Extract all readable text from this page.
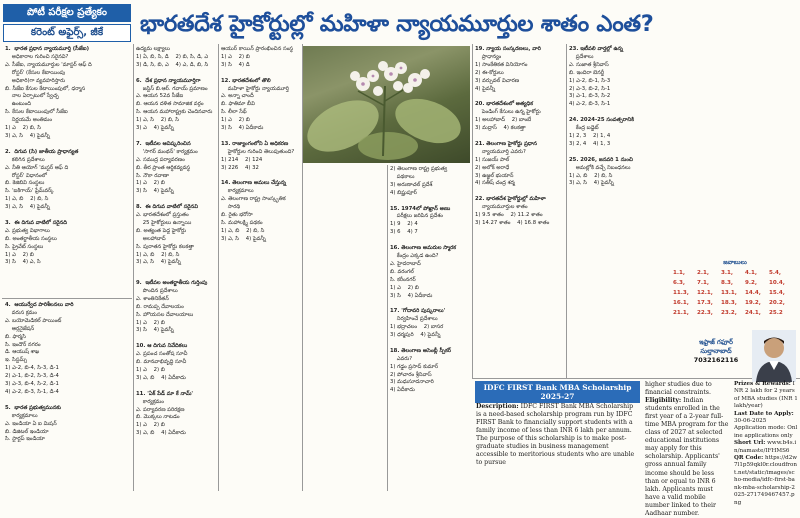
పోటీ పరీక్షల ప్రత్యేకం
కరెంట్ అఫైర్స్, జీకే	భారతదేశ హైకోర్టుల్లో మహిళా న్యాయమూర్తుల శాతం ఎంత?

1.  భారత ప్రధాన న్యాయమూర్తి (సీజే‌ఐ)

అధికారాల గురించి సరైనవి?

ఎ. సీజేఐ, న్యాయమూర్తుల 'మాస్టర్ ఆఫ్ ది

రోస్టర్' (కేసుల కేటాయింపు

అధికారి)గా వ్యవహరిస్తారు

బి. సీజేఐ కేసుల కేటాయింపులో, ధర్మాస

నాల ఏర్పాటులో స్వేచ్ఛ

ఉంటుంది

సి. కేసుల కేటాయింపులో సీజేఐ

నిర్ణయమే అంతిమం

1) ఎ    2) బి, సి

3) ఎ, సి    4) పైవన్నీ

2.  దిగువ (సి) జాతీయ ప్రాధాన్యత

కలిగిన ప్రదేశాలు

ఎ. నీతి ఆయోగ్ 'మస్టర్ ఆఫ్ ది

రోస్టర్' విధానంలో

బి. కెజిబివి సంస్థలు

సి. 'ఐకిగాయ్' ఫ్రేమ్‌వర్క్

1) ఎ, బి    2) బి, సి

3) ఎ, సి    4) పైవన్నీ

3.  ఈ దిగువ వాటిలో సరైనది

ఎ. ప్రభుత్వ విభాగాలు

బి. అంతర్జాతీయ సంస్థలు

సి. ప్రైవేట్ సంస్థలు

1) ఎ    2) బి

3) సి    4) ఎ, సి

4.  ఆయుర్వేద పారిశీలనలు వారి

వరుస క్రమం

ఎ. బయోమెడికల్ పాయింట్

ఆర్గనైజేషన్

బి. ఫార్మసి

సి. ఇందౌర్ నగరం

డి. ఆయుష్ శాఖ

ఇ. సిస్టమ్స్

1) ఎ-2, బి-4, సి-3, డి-1

2) ఎ-1, బి-2, సి-3, డి-4

3) ఎ-3, బి-4, సి-2, డి-1

4) ఎ-2, బి-3, సి-1, డి-4

5.  భారత ప్రభుత్వమునకు

కార్యక్రమాలు

ఎ. ఇండియా ఏ ఐ మిషన్

బి. డిజిటల్ ఇండియా

సి. స్టార్టప్ ఇండియా

ఉద్యమ లక్ష్యాలు

1) ఏ, బి, సి, డి    2) బి, సి, డి, ఎ

3) డి, సి, బి, ఎ    4) ఎ, డి, బి, సి

6.  దేశ ప్రధాన న్యాయమూర్తిగా

జస్టిస్ బి.ఆర్. గవాయ్ ప్రమాణం

ఎ. ఆయన 52వ సీజేఐ

బి. ఆయన దళిత సామాజిక వర్గం

సి. ఆయన మహారాష్ట్రకు చెందినవారు

1) ఎ, సి    2) బి, సి

3) ఎ    4) పైవన్నీ

7.  ఇటీవల ఆవిష్కరించిన

'సాగర్ మంథన్' కార్యక్రమం

ఎ. సముద్ర పర్యావరణం

బి. తీర ప్రాంత ఆర్థికవ్యవస్థ

సి. నౌకా రవాణా

1) ఎ    2) బి

3) సి    4) పైవన్నీ

8.  ఈ దిగువ వాటిలో సరైనవి

ఎ. భారతదేశంలో ప్రస్తుతం

25 హైకోర్టులు ఉన్నాయి

బి. అత్యంత పెద్ద హైకోర్టు

అలహాబాద్

సి. పురాతన హైకోర్టు కలకత్తా

1) ఎ, బి    2) బి, సి

3) ఎ, సి    4) పైవన్నీ

9.  ఇటీవల అంతర్జాతీయ గుర్తింపు

పొందిన ప్రదేశాలు

ఎ. శాంతినికేతన్

బి. రామప్ప దేవాలయం

సి. హొయసల దేవాలయాలు

1) ఎ    2) బి

3) సి    4) పైవన్నీ

10. ఆ దిగువ నివేదికలు

ఎ. ప్రపంచ సంతోష సూచీ

బి. మానవాభివృద్ధి సూచీ

1) ఎ    2) బి

3) ఎ, బి    4) ఏదీకాదు

11. 'ఏక్ పేడ్ మా కే నామ్'

కార్యక్రమం

ఎ. పర్యావరణ పరిరక్షణ

బి. మొక్కలు నాటడం

1) ఎ    2) బి

3) ఎ, బి    4) ఏదీకాదు

ఆయుర్ కాయిన్ ప్రారంభించిన సంస్థ

1) ఎ    2) బి

3) సి    4) డి

12. భారతదేశంలో తొలి

మహిళా హైకోర్టు న్యాయమూర్తి

ఎ. అన్నా చాందీ

బి. ఫాతిమా బీవి

సి. లీలా సేథ్

1) ఎ    2) బి

3) సి    4) ఏదీకాదు

13. రాజ్యాంగంలోని ఏ అధికరణ

హైకోర్టుల గురించి తెలుపుతుంది?

1) 214    2) 124

3) 226    4) 32

14. తెలంగాణ అమలు చేస్తున్న

కార్యక్రమాలు

ఎ. తెలంగాణ రాష్ట్ర సాంస్కృతిక

సారథి

బి. రైతు భరోసా

సి. మహాలక్ష్మి పథకం

1) ఎ, బి    2) బి, సి

3) ఎ, సి    4) పైవన్నీ

2) తెలంగాణ రాష్ట్ర ప్రభుత్వ

పథకాలు

3) అరుణాచల్ ప్రదేశ్

4) బిష్ణుపూర్

15. 1974లో పోఖ్రాన్ అణు

పరీక్షలు జరిపిన ప్రదేశం

1) 9    2) 4

3) 6    4) 7

16. తెలంగాణ అమరుల స్మారక

కేంద్రం ఎక్కడ ఉంది?

ఎ. హైదరాబాద్

బి. వరంగల్

సి. కరీంనగర్

1) ఎ    2) బి

3) సి    4) ఏదీకాదు

17. 'గోదావరి పుష్కరాలు'

నిర్వహించే ప్రదేశాలు

1) భద్రాచలం    2) బాసర

3) ధర్మపురి    4) పైవన్నీ

18. తెలంగాణ అసెంబ్లీ స్పీకర్

ఎవరు?

1) గడ్డం ప్రసాద్ కుమార్

2) పోచారం శ్రీనివాస్

3) మధుసూదనాచారి

4) ఏదీకాదు

19. న్యాయ సంస్కరణలు, వారి

ప్రాధాన్యం

1) సాంకేతికత వినియోగం

2) ఈ-కోర్టులు

3) వర్చువల్ విచారణ

4) పైవన్నీ

20. భారతదేశంలో అత్యధిక

పెండింగ్ కేసులు ఉన్న హైకోర్టు

1) అలహాబాద్    2) బాంబే

3) మద్రాస్    4) కలకత్తా

21. తెలంగాణ హైకోర్టు ప్రధాన

న్యాయమూర్తి ఎవరు?

1) సుజయ్ పాల్

2) అలోక్ అరాధే

3) ఉజ్జల్ భుయాన్

4) సతీష్ చంద్ర శర్మ

22. భారతదేశ హైకోర్టుల్లో మహిళా

న్యాయమూర్తుల శాతం

1) 9.5 శాతం    2) 11.2 శాతం

3) 14.27 శాతం    4) 16.8 శాతం

23. ఇటీవలి వార్తల్లో ఉన్న

ప్రదేశాలు

ఎ. సుజాత శ్రీనివాస్

బి. ఇందిరా బెనర్జీ

1) ఎ-2, బి-1, సి-3

2) ఎ-3, బి-2, సి-1

3) ఎ-1, బి-3, సి-2

4) ఎ-2, బి-3, సి-1

24. 2024-25 సంవత్సరానికి

కేంద్ర బడ్జెట్

1) 2, 3    2) 1, 4

3) 2, 4    4) 1, 3

25. 2026, జనవరి 1 నుంచి

అమల్లోకి వచ్చే నిబంధనలు

1) ఎ, బి    2) బి, సి

3) ఎ, సి    4) పైవన్నీ

జవాబులు
1.1,	2.1,	3.1,	4.1,	5.4,
6.3,	7.1,	8.3,	9.2,	10.4,
11.3,	12.1,	13.1,	14.4,	15.4,
16.1,	17.3,	18.3,	19.2,	20.2,
21.1,	22.3,	23.2,	24.1,	25.2
ఇఫ్రాజ్ గఫూర్
సుల్తానాబాద్
7032162116
IDFC FIRST Bank MBA Scholarship 2025-27
Description: IDFC FIRST Bank MBA Scholarship is a need-based scholarship program run by IDFC FIRST Bank to financially support students with a family income of less than INR 6 lakh per annum. The purpose of this scholarship is to make post-graduate studies in business management accessible to meritorious students who are unable to pursue
higher studies due to financial constraints.
Eligibility: Indian students enrolled in the first year of a 2-year full-time MBA program for the class of 2027 at selected educational institutions may apply for this scholarship. Applicants' gross annual family income should be less than or equal to INR 6 lakh. Applicants must have a valid mobile number linked to their Aadhaar number.
Prizes & Rewards: INR 2 lakh for 2 years of MBA studies (INR 1 lakh/year)
Last Date to Apply: 30-06-2025
Application mode: Online applications only
Short Url: www.b4s.in/namaste/IFHMS6
QR Code: https://d2w7l1p59qkl0r.cloudfront.net/static/images/scho-media/idfc-first-bank-mba-scholarship-2025-271749467457.png
